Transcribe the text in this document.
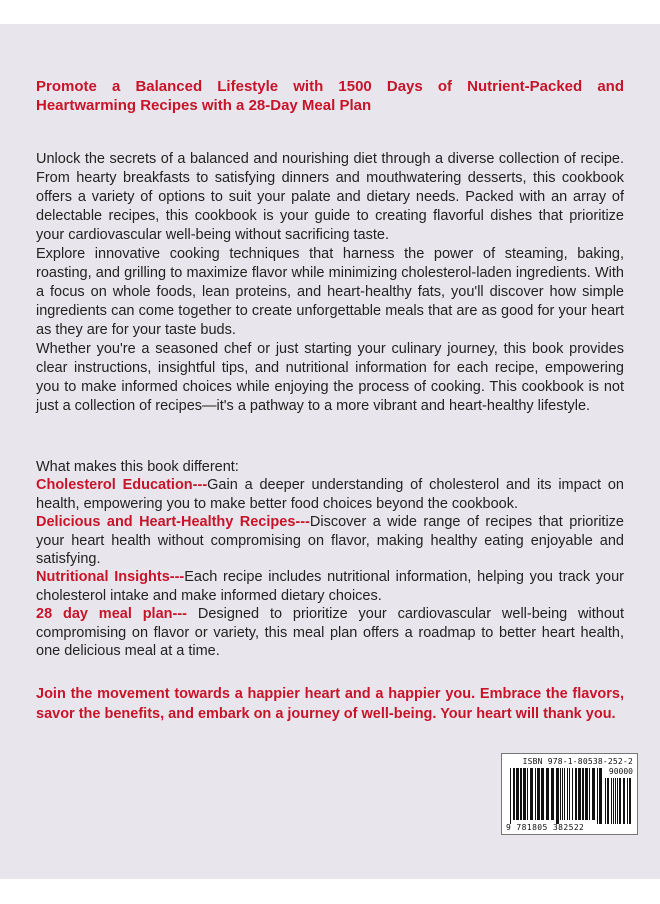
Promote a Balanced Lifestyle with 1500 Days of Nutrient-Packed and Heartwarming Recipes with a 28-Day Meal Plan

Unlock the secrets of a balanced and nourishing diet through a diverse collection of recipe. From hearty breakfasts to satisfying dinners and mouthwatering desserts, this cookbook offers a variety of options to suit your palate and dietary needs. Packed with an array of delectable recipes, this cookbook is your guide to creating flavorful dishes that prioritize your cardiovascular well-being without sacrificing taste.

Explore innovative cooking techniques that harness the power of steaming, baking, roasting, and grilling to maximize flavor while minimizing cholesterol-laden ingredients. With a focus on whole foods, lean proteins, and heart-healthy fats, you'll discover how simple ingredients can come together to create unforgettable meals that are as good for your heart as they are for your taste buds.

Whether you're a seasoned chef or just starting your culinary journey, this book provides clear instructions, insightful tips, and nutritional information for each recipe, empowering you to make informed choices while enjoying the process of cooking. This cookbook is not just a collection of recipes—it's a pathway to a more vibrant and heart-healthy lifestyle.

What makes this book different:

Cholesterol Education---Gain a deeper understanding of cholesterol and its impact on health, empowering you to make better food choices beyond the cookbook.

Delicious and Heart-Healthy Recipes---Discover a wide range of recipes that prioritize your heart health without compromising on flavor, making healthy eating enjoyable and satisfying.

Nutritional Insights---Each recipe includes nutritional information, helping you track your cholesterol intake and make informed dietary choices.

28 day meal plan--- Designed to prioritize your cardiovascular well-being without compromising on flavor or variety, this meal plan offers a roadmap to better heart health, one delicious meal at a time.

Join the movement towards a happier heart and a happier you. Embrace the flavors, savor the benefits, and embark on a journey of well-being. Your heart will thank you.

ISBN 978-1-80538-252-2
90000
9 781805 382522
